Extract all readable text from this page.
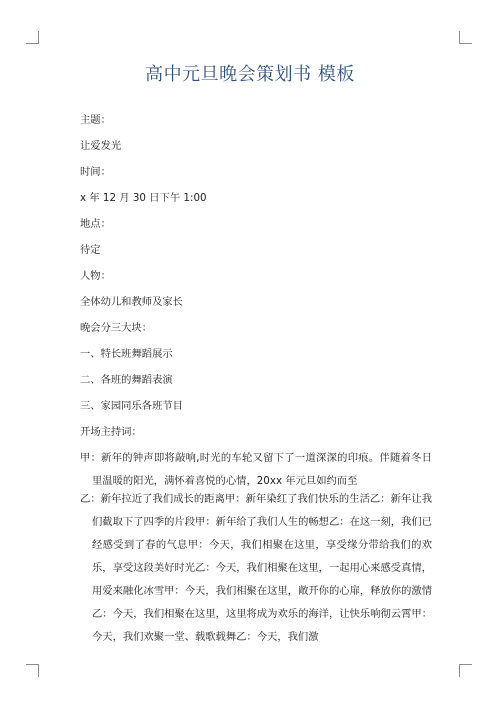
高中元旦晚会策划书 模板
主题：
让爱发光
时间：
x 年 12 月 30 日下午 1:00
地点：
待定
人物：
全体幼儿和教师及家长
晚会分三大块：
一、特长班舞蹈展示
二、各班的舞蹈表演
三、家园同乐各班节目
开场主持词：
甲：新年的钟声即将敲响,时光的车轮又留下了一道深深的印痕。伴随着冬日里温暖的阳光，满怀着喜悦的心情，20xx 年元旦如约而至
乙：新年拉近了我们成长的距离甲：新年染红了我们快乐的生活乙：新年让我们截取下了四季的片段甲：新年给了我们人生的畅想乙：在这一刻，我们已经感受到了春的气息甲：今天，我们相聚在这里，享受缘分带给我们的欢乐，享受这段美好时光乙：今天，我们相聚在这里，一起用心来感受真情，用爱来融化冰雪甲：今天，我们相聚在这里，敞开你的心扉，释放你的激情乙：今天，我们相聚在这里，这里将成为欢乐的海洋，让快乐响彻云霄甲：今天，我们欢聚一堂、载歌载舞乙：今天，我们激
